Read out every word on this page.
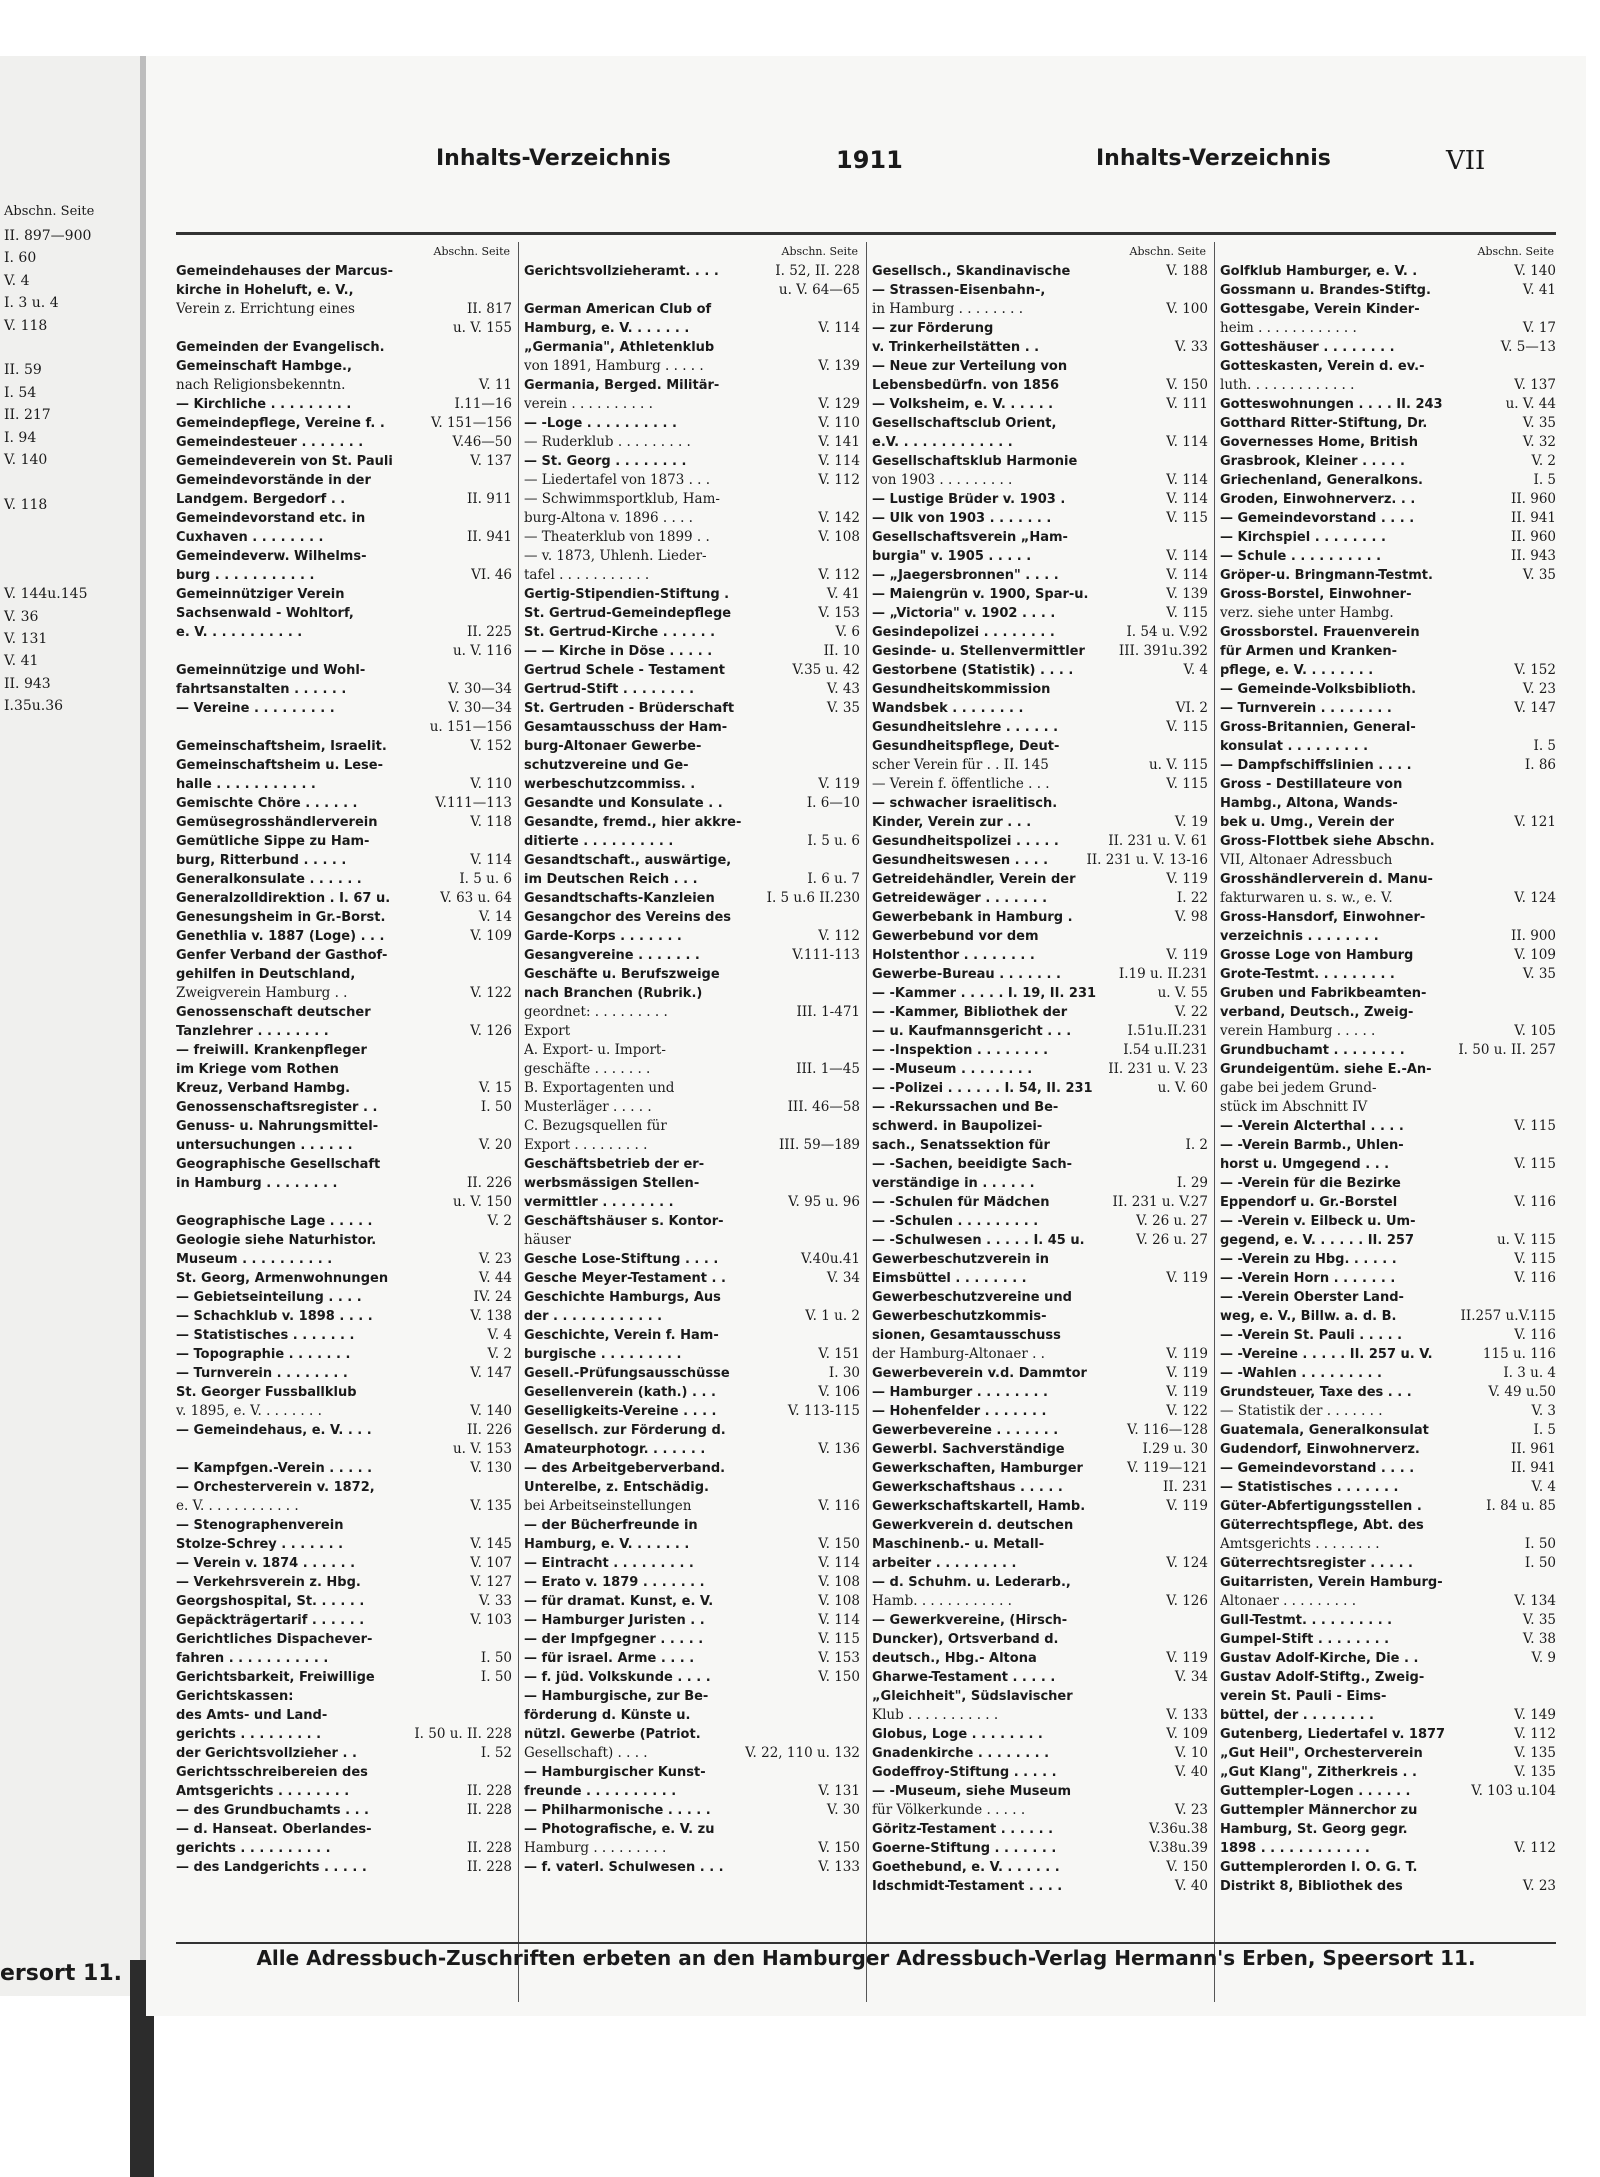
Abschn. Seite
II. 897—900
I. 60
V. 4
I. 3 u. 4
V. 118

II. 59
I. 54
II. 217
I. 94
V. 140

V. 118

V. 144u.145
V. 36
V. 131
V. 41
II. 943
I.35u.36
ersort 11.
Inhalts-Verzeichnis	1911	Inhalts-Verzeichnis	VII
Abschn. Seite
Gemeindehauses der Marcus-
kirche in Hoheluft, e. V.,
Verein z. Errichtung eines	II. 817
u. V. 155
Gemeinden der Evangelisch.
Gemeinschaft Hambge.,
nach Religionsbekenntn.	V. 11
— Kirchliche . . . . . . . . .	I.11—16
Gemeindepflege, Vereine f. .	V. 151—156
Gemeindesteuer . . . . . . .	V.46—50
Gemeindeverein von St. Pauli	V. 137
Gemeindevorstände in der
Landgem. Bergedorf . .	II. 911
Gemeindevorstand etc. in
Cuxhaven . . . . . . . .	II. 941
Gemeindeverw. Wilhelms-
burg . . . . . . . . . . .	VI. 46
Gemeinnütziger Verein
Sachsenwald - Wohltorf,
e. V. . . . . . . . . . .	II. 225
u. V. 116
Gemeinnützige und Wohl-
fahrtsanstalten . . . . . .	V. 30—34
— Vereine . . . . . . . . .	V. 30—34
u. 151—156
Gemeinschaftsheim, Israelit.	V. 152
Gemeinschaftsheim u. Lese-
halle . . . . . . . . . . .	V. 110
Gemischte Chöre . . . . . .	V.111—113
Gemüsegrosshändlerverein	V. 118
Gemütliche Sippe zu Ham-
burg, Ritterbund . . . . .	V. 114
Generalkonsulate . . . . . .	I. 5 u. 6
Generalzolldirektion . I. 67 u.	V. 63 u. 64
Genesungsheim in Gr.-Borst.	V. 14
Genethlia v. 1887 (Loge) . . .	V. 109
Genfer Verband der Gasthof-
gehilfen in Deutschland,
Zweigverein Hamburg . .	V. 122
Genossenschaft deutscher
Tanzlehrer . . . . . . . .	V. 126
— freiwill. Krankenpfleger
im Kriege vom Rothen
Kreuz, Verband Hambg.	V. 15
Genossenschaftsregister . .	I. 50
Genuss- u. Nahrungsmittel-
untersuchungen . . . . . .	V. 20
Geographische Gesellschaft
in Hamburg . . . . . . . .	II. 226
u. V. 150
Geographische Lage . . . . .	V. 2
Geologie siehe Naturhistor.
Museum . . . . . . . . . .	V. 23
St. Georg, Armenwohnungen	V. 44
— Gebietseinteilung . . . .	IV. 24
— Schachklub v. 1898 . . . .	V. 138
— Statistisches . . . . . . .	V. 4
— Topographie . . . . . . .	V. 2
— Turnverein . . . . . . . .	V. 147
St. Georger Fussballklub
v. 1895, e. V. . . . . . . .	V. 140
— Gemeindehaus, e. V. . . .	II. 226
u. V. 153
— Kampfgen.-Verein . . . . .	V. 130
— Orchesterverein v. 1872,
e. V. . . . . . . . . . . .	V. 135
— Stenographenverein
Stolze-Schrey . . . . . . .	V. 145
— Verein v. 1874 . . . . . .	V. 107
— Verkehrsverein z. Hbg.	V. 127
Georgshospital, St. . . . . .	V. 33
Gepäckträgertarif . . . . . .	V. 103
Gerichtliches Dispachever-
fahren . . . . . . . . . . .	I. 50
Gerichtsbarkeit, Freiwillige	I. 50
Gerichtskassen:
des Amts- und Land-
gerichts . . . . . . . . .	I. 50 u. II. 228
der Gerichtsvollzieher . .	I. 52
Gerichtsschreibereien des
Amtsgerichts . . . . . . . .	II. 228
— des Grundbuchamts . . .	II. 228
— d. Hanseat. Oberlandes-
gerichts . . . . . . . . . .	II. 228
— des Landgerichts . . . . .	II. 228
Abschn. Seite
Gerichtsvollzieheramt. . . .	I. 52, II. 228
u. V. 64—65
German American Club of
Hamburg, e. V. . . . . . .	V. 114
„Germania", Athletenklub
von 1891, Hamburg . . . . .	V. 139
Germania, Berged. Militär-
verein . . . . . . . . . .	V. 129
— -Loge . . . . . . . . . .	V. 110
— Ruderklub . . . . . . . . .	V. 141
— St. Georg . . . . . . . .	V. 114
— Liedertafel von 1873 . . .	V. 112
— Schwimmsportklub, Ham-
burg-Altona v. 1896 . . . .	V. 142
— Theaterklub von 1899 . .	V. 108
— v. 1873, Uhlenh. Lieder-
tafel . . . . . . . . . . .	V. 112
Gertig-Stipendien-Stiftung .	V. 41
St. Gertrud-Gemeindepflege	V. 153
St. Gertrud-Kirche . . . . . .	V. 6
— — Kirche in Döse . . . . .	II. 10
Gertrud Schele - Testament	V.35 u. 42
Gertrud-Stift . . . . . . . .	V. 43
St. Gertruden - Brüderschaft	V. 35
Gesamtausschuss der Ham-
burg-Altonaer Gewerbe-
schutzvereine und Ge-
werbeschutzcommiss. .	V. 119
Gesandte und Konsulate . .	I. 6—10
Gesandte, fremd., hier akkre-
ditierte . . . . . . . . . .	I. 5 u. 6
Gesandtschaft., auswärtige,
im Deutschen Reich . . .	I. 6 u. 7
Gesandtschafts-Kanzleien	I. 5 u.6 II.230
Gesangchor des Vereins des
Garde-Korps . . . . . . .	V. 112
Gesangvereine . . . . . . .	V.111-113
Geschäfte u. Berufszweige
nach Branchen (Rubrik.)
geordnet: . . . . . . . . .	III. 1-471
Export
A. Export- u. Import-
geschäfte . . . . . . .	III. 1—45
B. Exportagenten und
Musterläger . . . . .	III. 46—58
C. Bezugsquellen für
Export . . . . . . . . .	III. 59—189
Geschäftsbetrieb der er-
werbsmässigen Stellen-
vermittler . . . . . . . .	V. 95 u. 96
Geschäftshäuser s. Kontor-
häuser
Gesche Lose-Stiftung . . . .	V.40u.41
Gesche Meyer-Testament . .	V. 34
Geschichte Hamburgs, Aus
der . . . . . . . . . . . .	V. 1 u. 2
Geschichte, Verein f. Ham-
burgische . . . . . . . . .	V. 151
Gesell.-Prüfungsausschüsse	I. 30
Gesellenverein (kath.) . . .	V. 106
Geselligkeits-Vereine . . . .	V. 113-115
Gesellsch. zur Förderung d.
Amateurphotogr. . . . . . .	V. 136
— des Arbeitgeberverband.
Unterelbe, z. Entschädig.
bei Arbeitseinstellungen	V. 116
— der Bücherfreunde in
Hamburg, e. V. . . . . . .	V. 150
— Eintracht . . . . . . . . .	V. 114
— Erato v. 1879 . . . . . . .	V. 108
— für dramat. Kunst, e. V.	V. 108
— Hamburger Juristen . .	V. 114
— der Impfgegner . . . . .	V. 115
— für israel. Arme . . . .	V. 153
— f. jüd. Volkskunde . . . .	V. 150
— Hamburgische, zur Be-
förderung d. Künste u.
nützl. Gewerbe (Patriot.
Gesellschaft) . . . .	V. 22, 110 u. 132
— Hamburgischer Kunst-
freunde . . . . . . . . . .	V. 131
— Philharmonische . . . . .	V. 30
— Photografische, e. V. zu
Hamburg . . . . . . . . .	V. 150
— f. vaterl. Schulwesen . . .	V. 133
Abschn. Seite
Gesellsch., Skandinavische	V. 188
— Strassen-Eisenbahn-,
in Hamburg . . . . . . . .	V. 100
— zur Förderung
v. Trinkerheilstätten . .	V. 33
— Neue zur Verteilung von
Lebensbedürfn. von 1856	V. 150
— Volksheim, e. V. . . . . .	V. 111
Gesellschaftsclub Orient,
e.V. . . . . . . . . . . . .	V. 114
Gesellschaftsklub Harmonie
von 1903 . . . . . . . . .	V. 114
— Lustige Brüder v. 1903 .	V. 114
— Ulk von 1903 . . . . . . .	V. 115
Gesellschaftsverein „Ham-
burgia" v. 1905 . . . . .	V. 114
— „Jaegersbronnen" . . . .	V. 114
— Maiengrün v. 1900, Spar-u.	V. 139
— „Victoria" v. 1902 . . . .	V. 115
Gesindepolizei . . . . . . . .	I. 54 u. V.92
Gesinde- u. Stellenvermittler	III. 391u.392
Gestorbene (Statistik) . . . .	V. 4
Gesundheitskommission
Wandsbek . . . . . . . .	VI. 2
Gesundheitslehre . . . . . .	V. 115
Gesundheitspflege, Deut-
scher Verein für . . II. 145	u. V. 115
— Verein f. öffentliche . . .	V. 115
— schwacher israelitisch.
Kinder, Verein zur . . .	V. 19
Gesundheitspolizei . . . . .	II. 231 u. V. 61
Gesundheitswesen . . . .	II. 231 u. V. 13-16
Getreidehändler, Verein der	V. 119
Getreidewäger . . . . . . .	I. 22
Gewerbebank in Hamburg .	V. 98
Gewerbebund vor dem
Holstenthor . . . . . . . .	V. 119
Gewerbe-Bureau . . . . . . .	I.19 u. II.231
— -Kammer . . . . . I. 19, II. 231	u. V. 55
— -Kammer, Bibliothek der	V. 22
— u. Kaufmannsgericht . . .	I.51u.II.231
— -Inspektion . . . . . . . .	I.54 u.II.231
— -Museum . . . . . . . .	II. 231 u. V. 23
— -Polizei . . . . . . I. 54, II. 231	u. V. 60
— -Rekurssachen und Be-
schwerd. in Baupolizei-
sach., Senatssektion für	I. 2
— -Sachen, beeidigte Sach-
verständige in . . . . . .	I. 29
— -Schulen für Mädchen	II. 231 u. V.27
— -Schulen . . . . . . . . .	V. 26 u. 27
— -Schulwesen . . . . . I. 45 u.	V. 26 u. 27
Gewerbeschutzverein in
Eimsbüttel . . . . . . . .	V. 119
Gewerbeschutzvereine und
Gewerbeschutzkommis-
sionen, Gesamtausschuss
der Hamburg-Altonaer . .	V. 119
Gewerbeverein v.d. Dammtor	V. 119
— Hamburger . . . . . . . .	V. 119
— Hohenfelder . . . . . . .	V. 122
Gewerbevereine . . . . . . .	V. 116—128
Gewerbl. Sachverständige	I.29 u. 30
Gewerkschaften, Hamburger	V. 119—121
Gewerkschaftshaus . . . . .	II. 231
Gewerkschaftskartell, Hamb.	V. 119
Gewerkverein d. deutschen
Maschinenb.- u. Metall-
arbeiter . . . . . . . . .	V. 124
— d. Schuhm. u. Lederarb.,
Hamb. . . . . . . . . . . .	V. 126
— Gewerkvereine, (Hirsch-
Duncker), Ortsverband d.
deutsch., Hbg.- Altona	V. 119
Gharwe-Testament . . . . .	V. 34
„Gleichheit", Südslavischer
Klub . . . . . . . . . . .	V. 133
Globus, Loge . . . . . . . .	V. 109
Gnadenkirche . . . . . . . .	V. 10
Godeffroy-Stiftung . . . . .	V. 40
— -Museum, siehe Museum
für Völkerkunde . . . . .	V. 23
Göritz-Testament . . . . . .	V.36u.38
Goerne-Stiftung . . . . . . .	V.38u.39
Goethebund, e. V. . . . . . .	V. 150
Idschmidt-Testament . . . .	V. 40
Abschn. Seite
Golfklub Hamburger, e. V. .	V. 140
Gossmann u. Brandes-Stiftg.	V. 41
Gottesgabe, Verein Kinder-
heim . . . . . . . . . . . .	V. 17
Gotteshäuser . . . . . . . .	V. 5—13
Gotteskasten, Verein d. ev.-
luth. . . . . . . . . . . . .	V. 137
Gotteswohnungen . . . . II. 243	u. V. 44
Gotthard Ritter-Stiftung, Dr.	V. 35
Governesses Home, British	V. 32
Grasbrook, Kleiner . . . . .	V. 2
Griechenland, Generalkons.	I. 5
Groden, Einwohnerverz. . .	II. 960
— Gemeindevorstand . . . .	II. 941
— Kirchspiel . . . . . . . .	II. 960
— Schule . . . . . . . . . .	II. 943
Gröper-u. Bringmann-Testmt.	V. 35
Gross-Borstel, Einwohner-
verz. siehe unter Hambg.
Grossborstel. Frauenverein
für Armen und Kranken-
pflege, e. V. . . . . . . .	V. 152
— Gemeinde-Volksbiblioth.	V. 23
— Turnverein . . . . . . . .	V. 147
Gross-Britannien, General-
konsulat . . . . . . . . .	I. 5
— Dampfschiffslinien . . . .	I. 86
Gross - Destillateure von
Hambg., Altona, Wands-
bek u. Umg., Verein der	V. 121
Gross-Flottbek siehe Abschn.
VII, Altonaer Adressbuch
Grosshändlerverein d. Manu-
fakturwaren u. s. w., e. V.	V. 124
Gross-Hansdorf, Einwohner-
verzeichnis . . . . . . . .	II. 900
Grosse Loge von Hamburg	V. 109
Grote-Testmt. . . . . . . . .	V. 35
Gruben und Fabrikbeamten-
verband, Deutsch., Zweig-
verein Hamburg . . . . .	V. 105
Grundbuchamt . . . . . . . .	I. 50 u. II. 257
Grundeigentüm. siehe E.-An-
gabe bei jedem Grund-
stück im Abschnitt IV
— -Verein Alcterthal . . . .	V. 115
— -Verein Barmb., Uhlen-
horst u. Umgegend . . .	V. 115
— -Verein für die Bezirke
Eppendorf u. Gr.-Borstel	V. 116
— -Verein v. Eilbeck u. Um-
gegend, e. V. . . . . . II. 257	u. V. 115
— -Verein zu Hbg. . . . . .	V. 115
— -Verein Horn . . . . . . .	V. 116
— -Verein Oberster Land-
weg, e. V., Billw. a. d. B.	II.257 u.V.115
— -Verein St. Pauli . . . . .	V. 116
— -Vereine . . . . . II. 257 u. V.	115 u. 116
— -Wahlen . . . . . . . . .	I. 3 u. 4
Grundsteuer, Taxe des . . .	V. 49 u.50
— Statistik der . . . . . . .	V. 3
Guatemala, Generalkonsulat	I. 5
Gudendorf, Einwohnerverz.	II. 961
— Gemeindevorstand . . . .	II. 941
— Statistisches . . . . . . .	V. 4
Güter-Abfertigungsstellen .	I. 84 u. 85
Güterrechtspflege, Abt. des
Amtsgerichts . . . . . . . .	I. 50
Güterrechtsregister . . . . .	I. 50
Guitarristen, Verein Hamburg-
Altonaer . . . . . . . . .	V. 134
Gull-Testmt. . . . . . . . . .	V. 35
Gumpel-Stift . . . . . . . .	V. 38
Gustav Adolf-Kirche, Die . .	V. 9
Gustav Adolf-Stiftg., Zweig-
verein St. Pauli - Eims-
büttel, der . . . . . . . .	V. 149
Gutenberg, Liedertafel v. 1877	V. 112
„Gut Heil", Orchesterverein	V. 135
„Gut Klang", Zitherkreis . .	V. 135
Guttempler-Logen . . . . . .	V. 103 u.104
Guttempler Männerchor zu
Hamburg, St. Georg gegr.
1898 . . . . . . . . . . . .	V. 112
Guttemplerorden I. O. G. T.
Distrikt 8, Bibliothek des	V. 23
Alle Adressbuch-Zuschriften erbeten an den Hamburger Adressbuch-Verlag Hermann's Erben, Speersort 11.
